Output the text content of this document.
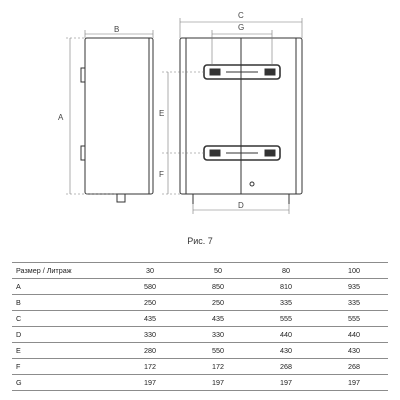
A
B
C
G
E
F
D
Рис. 7
Размер / Литраж	30	50	80	100
A	580	850	810	935
B	250	250	335	335
C	435	435	555	555
D	330	330	440	440
E	280	550	430	430
F	172	172	268	268
G	197	197	197	197
